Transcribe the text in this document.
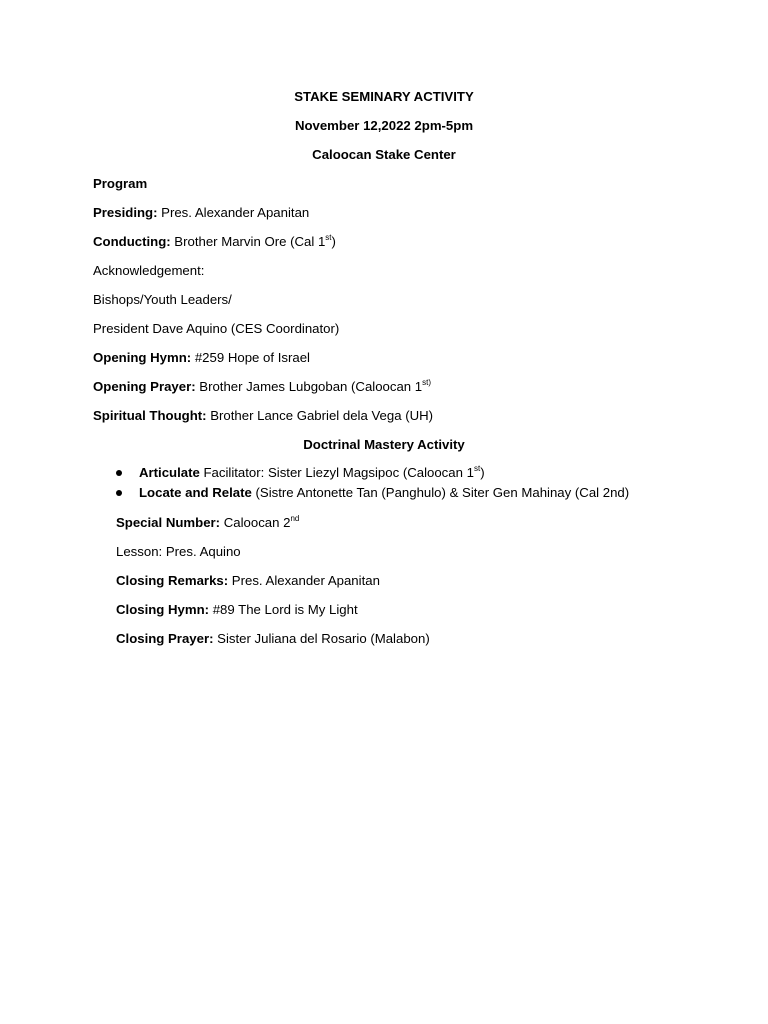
STAKE SEMINARY ACTIVITY
November 12,2022 2pm-5pm
Caloocan Stake Center
Program
Presiding: Pres. Alexander Apanitan
Conducting: Brother Marvin Ore (Cal 1st)
Acknowledgement:
Bishops/Youth Leaders/
President Dave Aquino (CES Coordinator)
Opening Hymn: #259 Hope of Israel
Opening Prayer: Brother James Lubgoban (Caloocan $1^{st)}$
Spiritual Thought: Brother Lance Gabriel dela Vega (UH)
Doctrinal Mastery Activity
Articulate Facilitator: Sister Liezyl Magsipoc (Caloocan 1st)
Locate and Relate (Sistre Antonette Tan (Panghulo) & Siter Gen Mahinay (Cal 2nd)
Special Number: Caloocan 2nd
Lesson: Pres. Aquino
Closing Remarks: Pres. Alexander Apanitan
Closing Hymn: #89 The Lord is My Light
Closing Prayer: Sister Juliana del Rosario (Malabon)
